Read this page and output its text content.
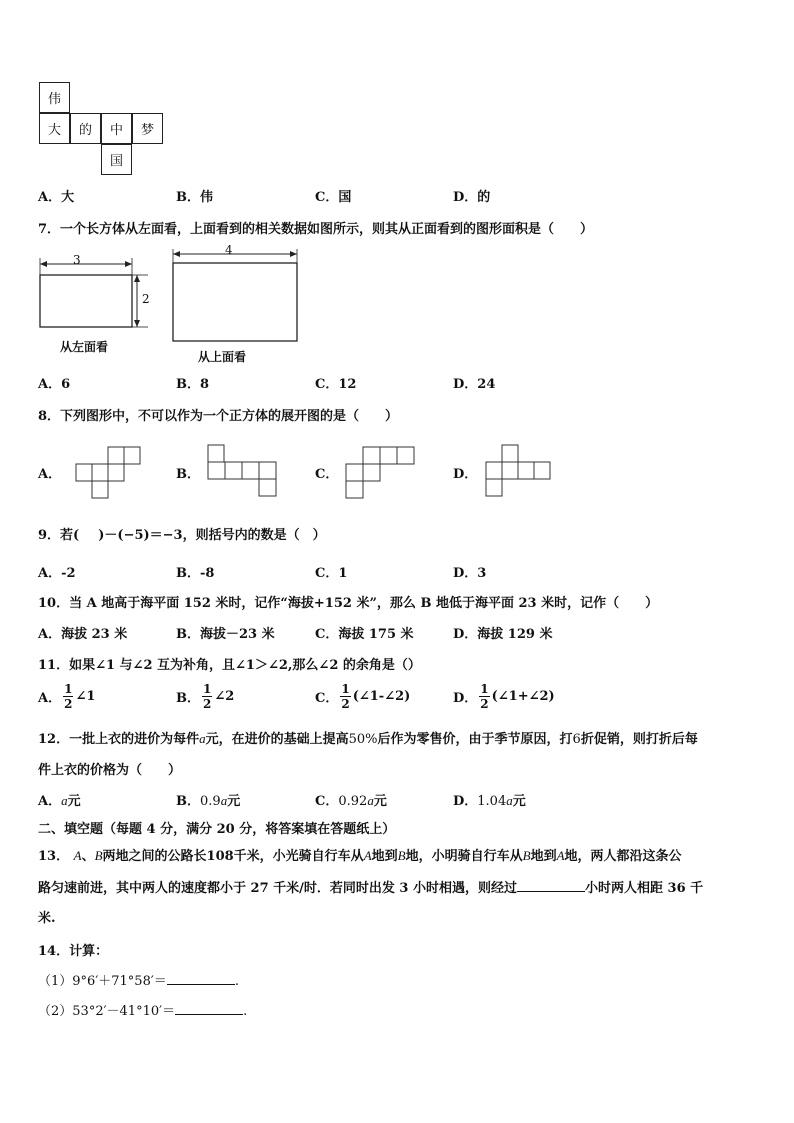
伟
大	的	中	梦
国
A．大	B．伟	C．国	D．的
7．一个长方体从左面看，上面看到的相关数据如图所示，则其从正面看到的图形面积是（　　）
3
2
从左面看
4
从上面看
A．6	B．8	C．12	D．24
8．下列图形中，不可以作为一个正方体的展开图的是（　　）
A．	B．	C．	D．
9．若( )－(−5)＝−3，则括号内的数是（　）
A．-2	B．-8	C．1	D．3
10．当 A 地高于海平面 152 米时，记作“海拔+152 米”，那么 B 地低于海平面 23 米时，记作（　　）
A．海拔 23 米	B．海拔－23 米	C．海拔 175 米	D．海拔 129 米
11．如果∠1 与∠2 互为补角，且∠1＞∠2,那么∠2 的余角是（）
A． $\frac{1}{2}$ ∠1	B． $\frac{1}{2}$ ∠2	C． $\frac{1}{2}$ (∠1-∠2)	D． $\frac{1}{2}$ (∠1+∠2)
12．一批上衣的进价为每件a元，在进价的基础上提高50%后作为零售价，由于季节原因，打6折促销，则打折后每
件上衣的价格为（　　）
A．a元	B．0.9a元	C．0.92a元	D．1.04a元
二、填空题（每题 4 分，满分 20 分，将答案填在答题纸上）
13． A、B两地之间的公路长108千米，小光骑自行车从A地到B地，小明骑自行车从B地到A地，两人都沿这条公
路匀速前进，其中两人的速度都小于 27 千米/时．若同时出发 3 小时相遇，则经过	小时两人相距 36 千
米.
14．计算：
（1）9°6′＋71°58′＝	.
（2）53°2′－41°10′＝	.
